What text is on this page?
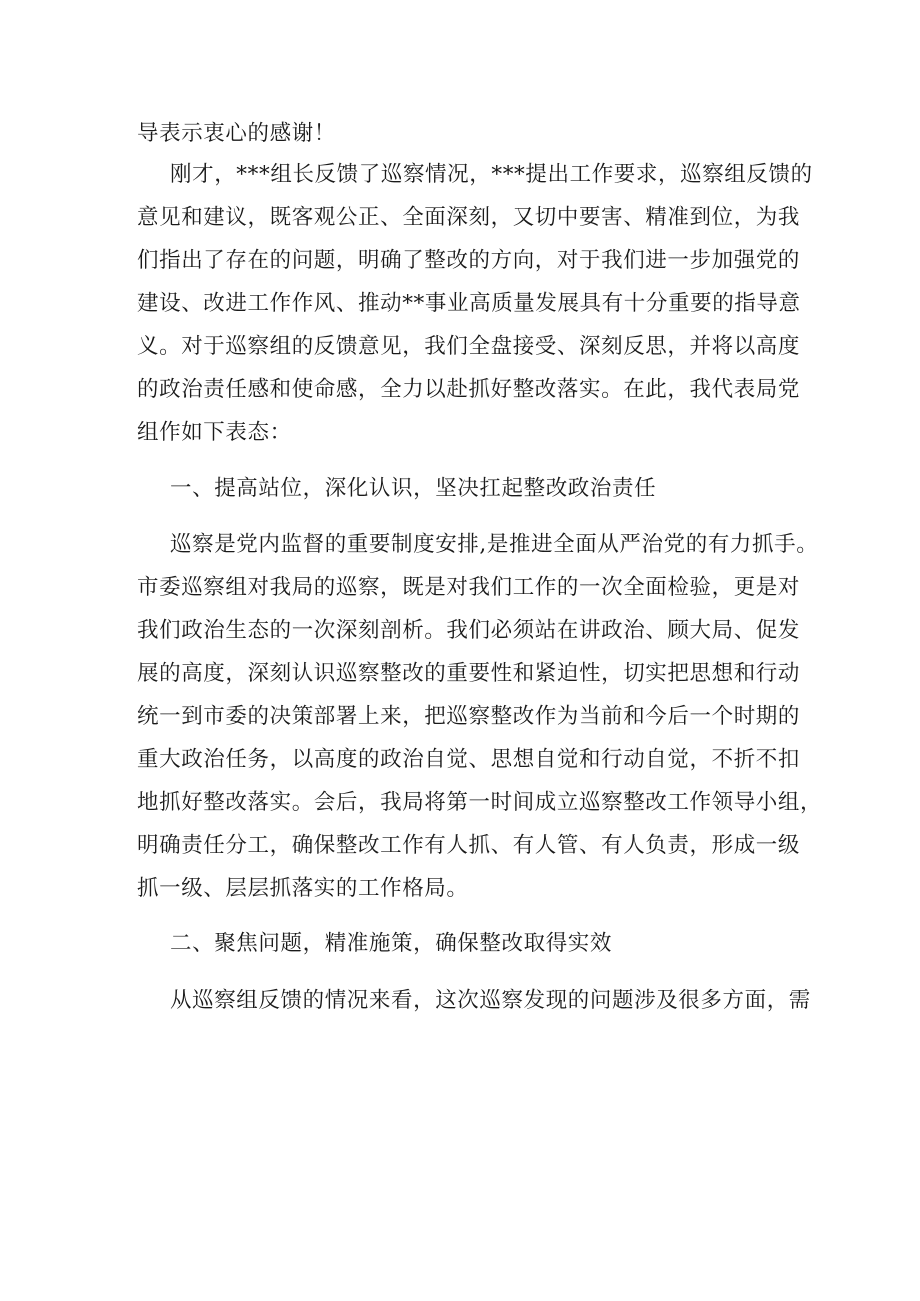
导表示衷心的感谢！
刚才，***组长反馈了巡察情况，***提出工作要求，巡察组反馈的
意见和建议，既客观公正、全面深刻，又切中要害、精准到位，为我
们指出了存在的问题，明确了整改的方向，对于我们进一步加强党的
建设、改进工作作风、推动**事业高质量发展具有十分重要的指导意
义。对于巡察组的反馈意见，我们全盘接受、深刻反思，并将以高度
的政治责任感和使命感，全力以赴抓好整改落实。在此，我代表局党
组作如下表态：
一、提高站位，深化认识，坚决扛起整改政治责任
巡察是党内监督的重要制度安排,是推进全面从严治党的有力抓手。
市委巡察组对我局的巡察，既是对我们工作的一次全面检验，更是对
我们政治生态的一次深刻剖析。我们必须站在讲政治、顾大局、促发
展的高度，深刻认识巡察整改的重要性和紧迫性，切实把思想和行动
统一到市委的决策部署上来，把巡察整改作为当前和今后一个时期的
重大政治任务，以高度的政治自觉、思想自觉和行动自觉，不折不扣
地抓好整改落实。会后，我局将第一时间成立巡察整改工作领导小组，
明确责任分工，确保整改工作有人抓、有人管、有人负责，形成一级
抓一级、层层抓落实的工作格局。
二、聚焦问题，精准施策，确保整改取得实效
从巡察组反馈的情况来看，这次巡察发现的问题涉及很多方面，需
